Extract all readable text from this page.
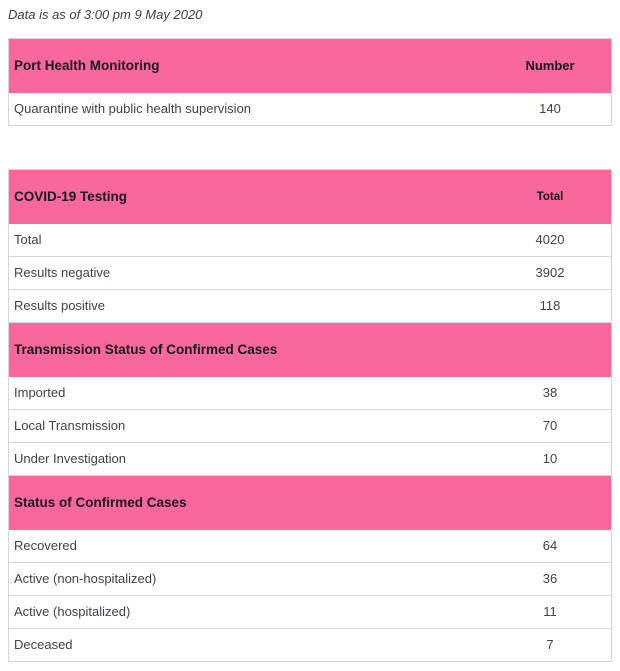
Data is as of 3:00 pm 9 May 2020

Port Health Monitoring	Number
Quarantine with public health supervision	140
COVID-19 Testing	Total
Total	4020
Results negative	3902
Results positive	118
Transmission Status of Confirmed Cases	
Imported	38
Local Transmission	70
Under Investigation	10
Status of Confirmed Cases	
Recovered	64
Active (non-hospitalized)	36
Active (hospitalized)	11
Deceased	7
